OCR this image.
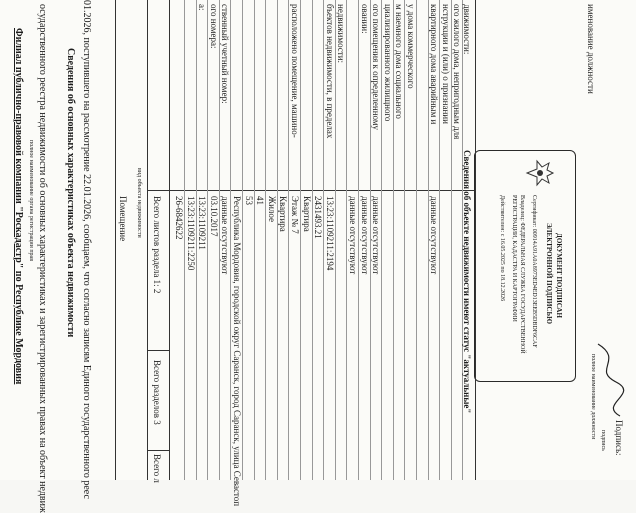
Филиал публично-правовой компании "Роскадастр" по Республике Мордовия полное наименование органа регистрации прав осударственного реестра недвижимости об основных характеристиках и зарегистрированных правах на объект недвиж Сведения об основных характеристиках объекта недвижимости 01.2026, поступившего на рассмотрение 22.01.2026, сообщаем, что согласно записям Единого государственного реес	Помещение вид объекта недвижимости Всего листов раздела 1: 2
Всего разделов 3
Всего л
26-6842622 13:23:1109211:2250
а:
13:23:1109211
ого номера:
03.10.2017
ственный учетный номер:
данные отсутствуют Республика Мордовия, городской округ Саранск, город Саранск, улица Севастоп 53 41 Жилое Квартира
расположено помещение, машино-
Этаж № 7 Квартира 2431493.21
бъектов недвижимости, в пределах
13:23:1109211:2194
недвижимости:
данные отсутствуют
овании:
данные отсутствуют
ого помещения к определенному
данные отсутствуют
циализированного жилищного м наемного дома социального у дома коммерческого квартирного дома аварийным и
данные отсутствуют
нструкции и (или) о признании ого жилого дома, непригодным для
ДОКУМЕНТ ПОДПИСАН
ЭЛЕКТРОННОЙ ПОДПИСЬЮ
Сертификат: 00914A91A0A8973ED4ED13EEB5DBDF6CAF
Владелец: ФЕДЕРАЛЬНАЯ СЛУЖБА ГОСУДАРСТВЕННОЙ
РЕГИСТРАЦИИ, КАДАСТРА И КАРТОГРАФИИ
Действителен: с 16.05.2025 по 18.12.2026
движимости:
Сведения об объекте недвижимости имеют статус "актуальные"
именование должности
полное наименование должности
подпись Подпись:
